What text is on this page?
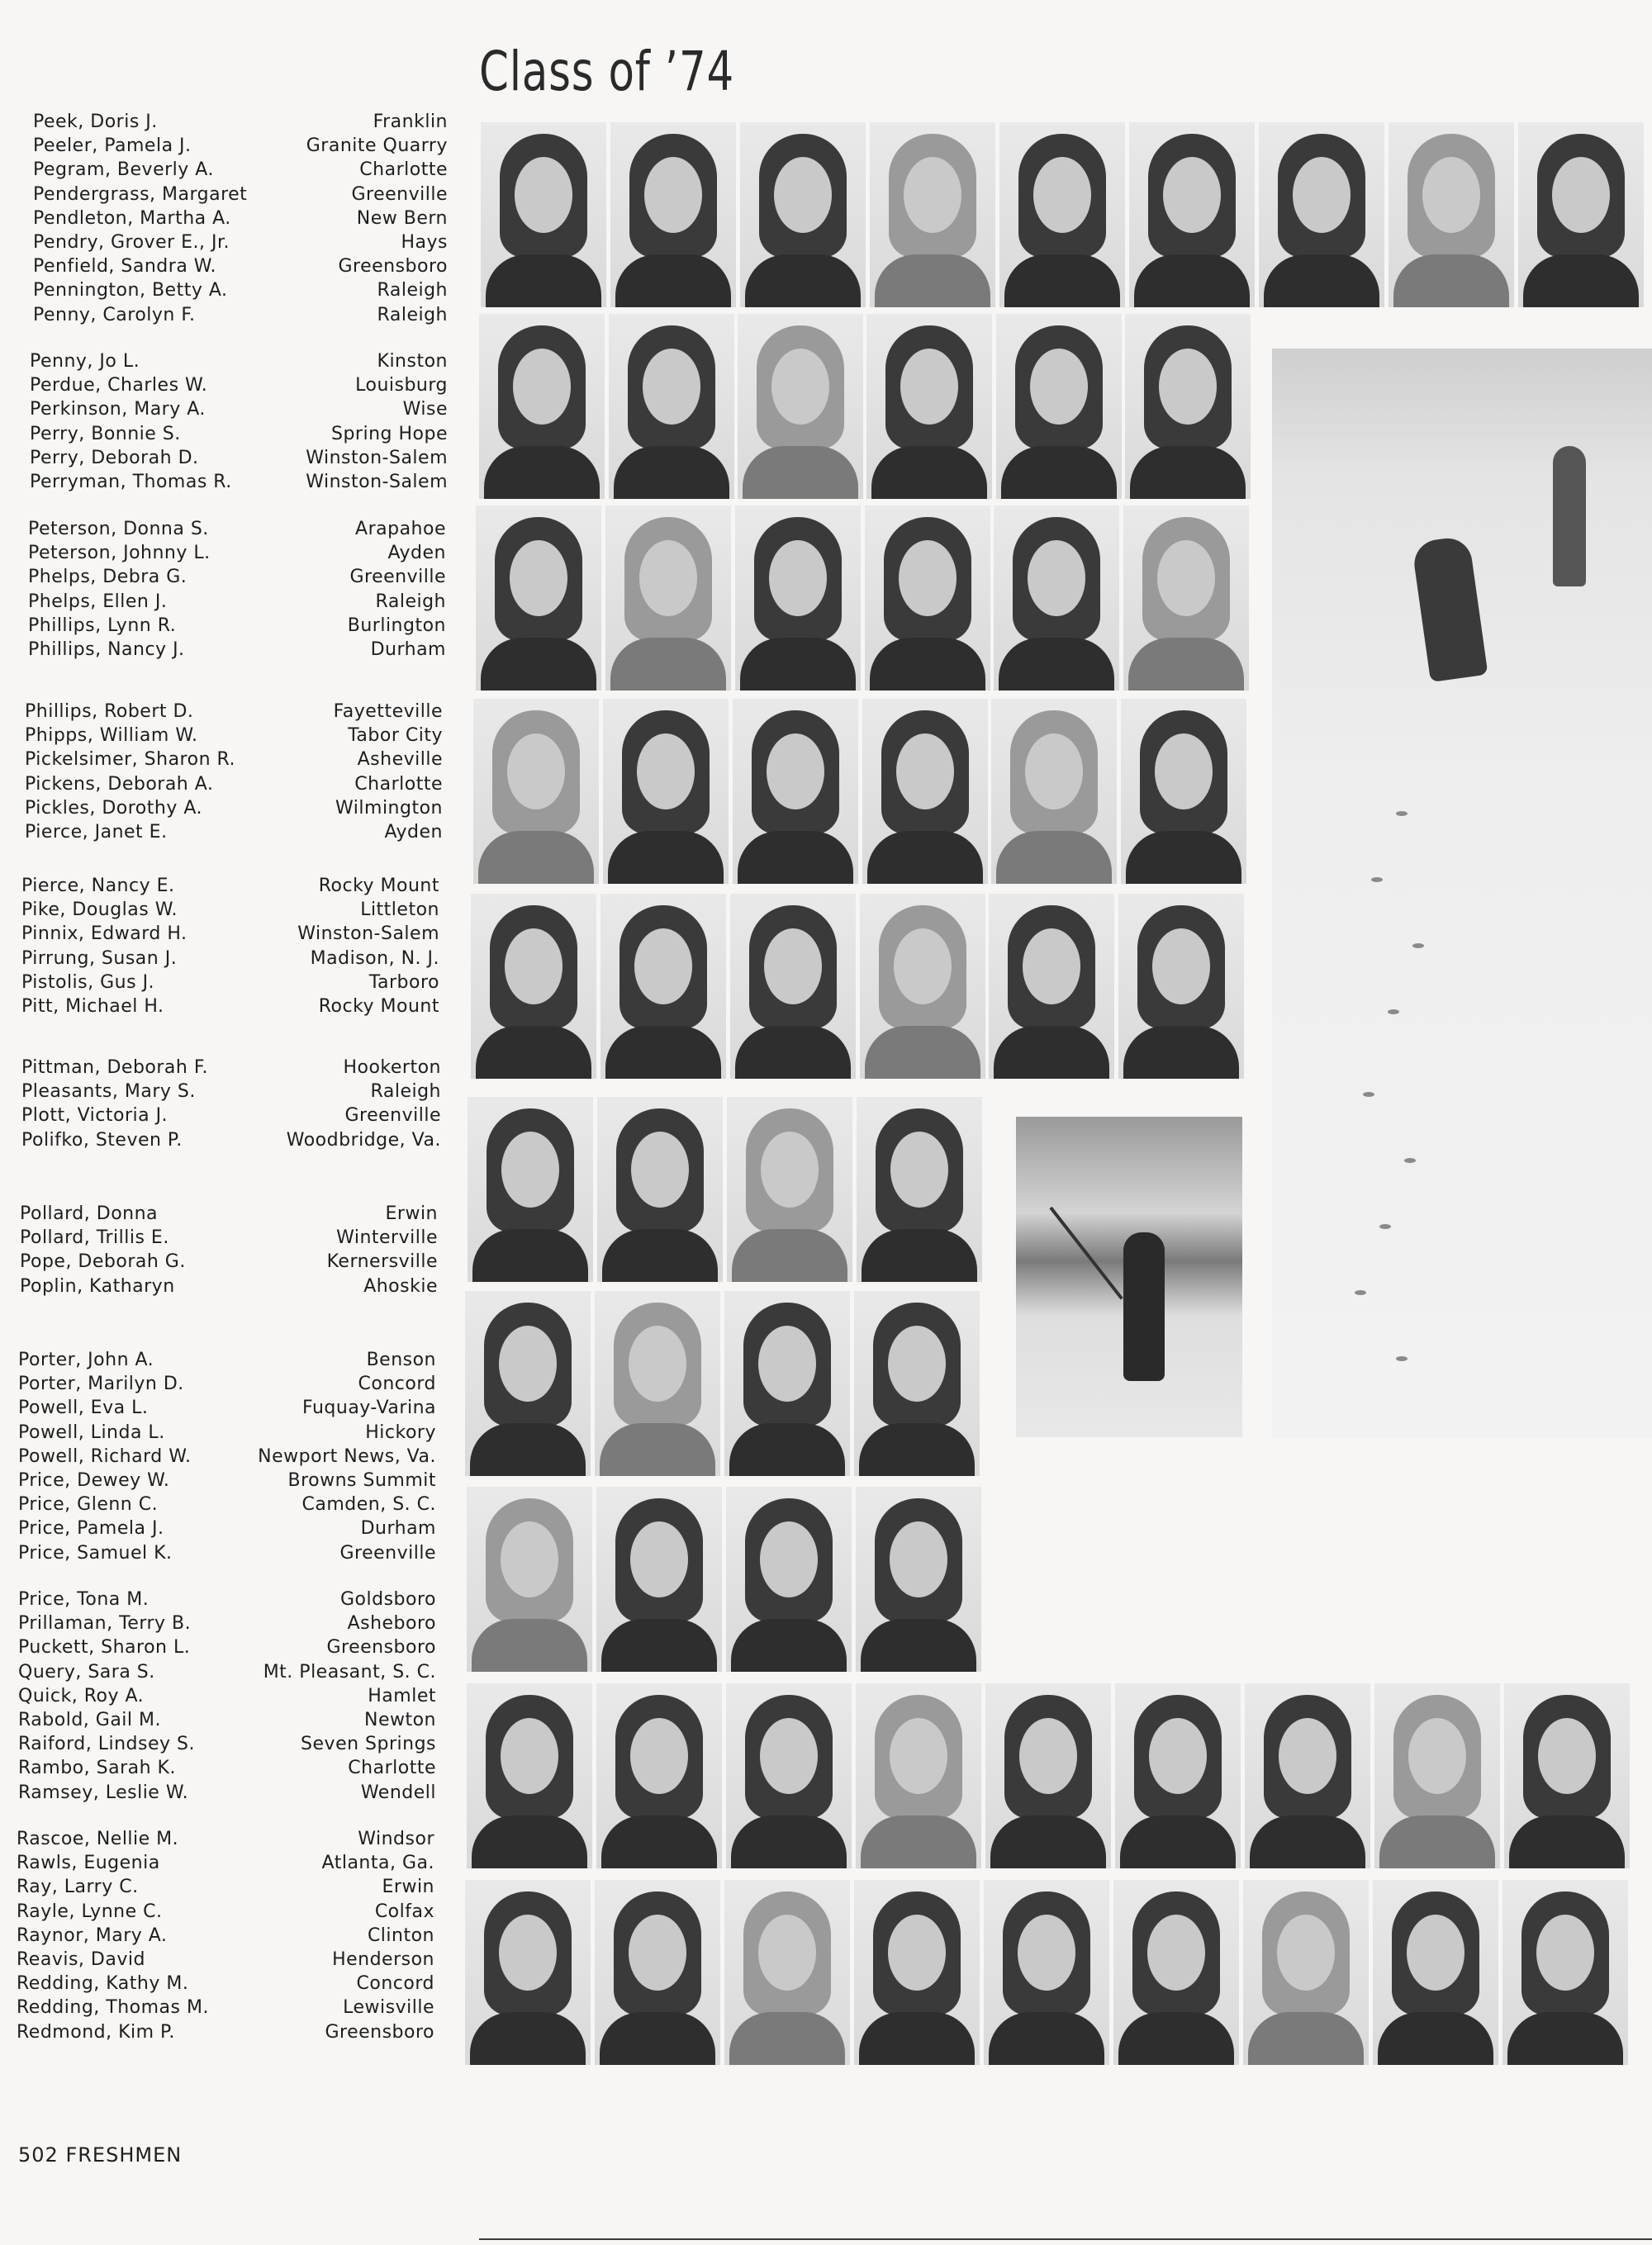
Class of ’74
Peek, Doris J.
Peeler, Pamela J.
Pegram, Beverly A.
Pendergrass, Margaret
Pendleton, Martha A.
Pendry, Grover E., Jr.
Penfield, Sandra W.
Pennington, Betty A.
Penny, Carolyn F.
Franklin
Granite Quarry
Charlotte
Greenville
New Bern
Hays
Greensboro
Raleigh
Raleigh
Penny, Jo L.
Perdue, Charles W.
Perkinson, Mary A.
Perry, Bonnie S.
Perry, Deborah D.
Perryman, Thomas R.
Kinston
Louisburg
Wise
Spring Hope
Winston-Salem
Winston-Salem
Peterson, Donna S.
Peterson, Johnny L.
Phelps, Debra G.
Phelps, Ellen J.
Phillips, Lynn R.
Phillips, Nancy J.
Arapahoe
Ayden
Greenville
Raleigh
Burlington
Durham
Phillips, Robert D.
Phipps, William W.
Pickelsimer, Sharon R.
Pickens, Deborah A.
Pickles, Dorothy A.
Pierce, Janet E.
Fayetteville
Tabor City
Asheville
Charlotte
Wilmington
Ayden
Pierce, Nancy E.
Pike, Douglas W.
Pinnix, Edward H.
Pirrung, Susan J.
Pistolis, Gus J.
Pitt, Michael H.
Rocky Mount
Littleton
Winston-Salem
Madison, N. J.
Tarboro
Rocky Mount
Pittman, Deborah F.
Pleasants, Mary S.
Plott, Victoria J.
Polifko, Steven P.
Hookerton
Raleigh
Greenville
Woodbridge, Va.
Pollard, Donna
Pollard, Trillis E.
Pope, Deborah G.
Poplin, Katharyn
Erwin
Winterville
Kernersville
Ahoskie
Porter, John A.
Porter, Marilyn D.
Powell, Eva L.
Powell, Linda L.
Powell, Richard W.
Price, Dewey W.
Price, Glenn C.
Price, Pamela J.
Price, Samuel K.
Benson
Concord
Fuquay-Varina
Hickory
Newport News, Va.
Browns Summit
Camden, S. C.
Durham
Greenville
Price, Tona M.
Prillaman, Terry B.
Puckett, Sharon L.
Query, Sara S.
Quick, Roy A.
Rabold, Gail M.
Raiford, Lindsey S.
Rambo, Sarah K.
Ramsey, Leslie W.
Goldsboro
Asheboro
Greensboro
Mt. Pleasant, S. C.
Hamlet
Newton
Seven Springs
Charlotte
Wendell
Rascoe, Nellie M.
Rawls, Eugenia
Ray, Larry C.
Rayle, Lynne C.
Raynor, Mary A.
Reavis, David
Redding, Kathy M.
Redding, Thomas M.
Redmond, Kim P.
Windsor
Atlanta, Ga.
Erwin
Colfax
Clinton
Henderson
Concord
Lewisville
Greensboro
502 FRESHMEN
